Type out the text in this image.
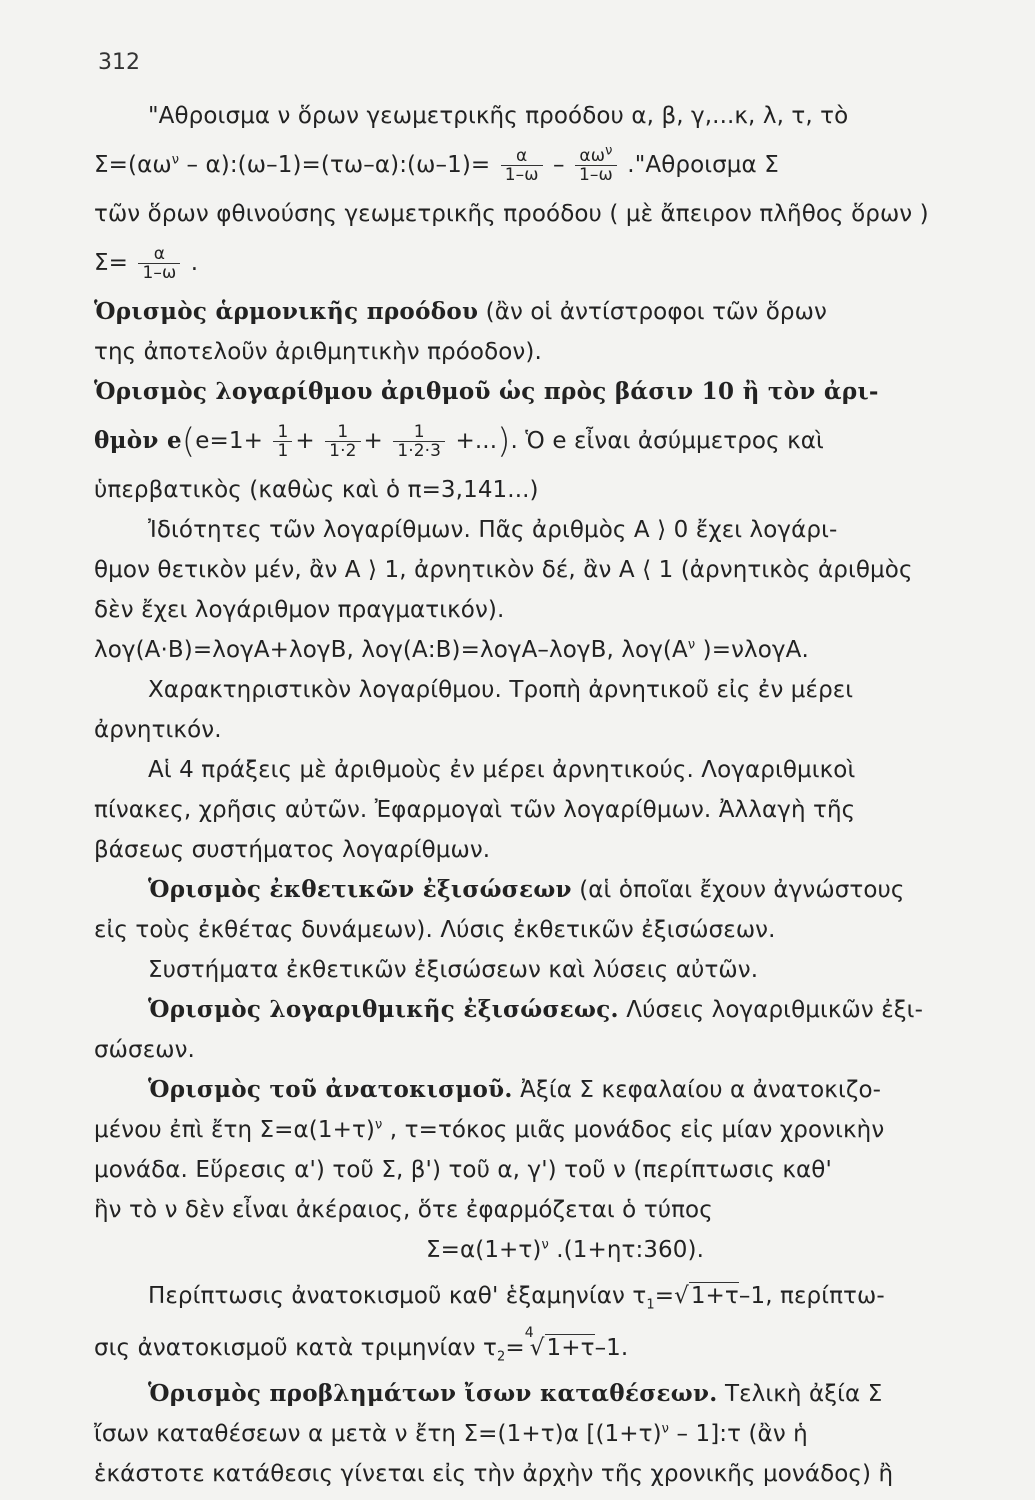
312
"Αθροισμα ν ὅρων γεωμετρικῆς προόδου α, β, γ,...κ, λ, τ, τὸ
$\Sigma=(\alpha\omega^\nu$ – α):(ω–1)=(τω–α):(ω–1)= $\frac{\alpha}{1-\omega} - \frac{\alpha\omega^\nu}{1-\omega}$ ."Αθροισμα Σ
τῶν ὅρων φθινούσης γεωμετρικῆς προόδου ( μὲ ἄπειρον πλῆθος ὅρων )
$\Sigma= \frac{\alpha}{1-\omega}$ .
Ὁρισμὸς ἁρμονικῆς προόδου (ἂν οἱ ἀντίστροφοι τῶν ὅρων
της ἀποτελοῦν ἀριθμητικὴν πρόοδον).
Ὁρισμὸς λογαρίθμου ἀριθμοῦ ὡς πρὸς βάσιν 10 ἢ τὸν ἀρι-
θμὸν $e(e=1+ \frac{1}{1} + \frac{1}{1\cdot 2} + \frac{1}{1\cdot 2\cdot 3}$ +...). Ὁ e εἶναι ἀσύμμετρος καὶ
ὑπερβατικὸς (καθὼς καὶ ὁ π=3,141...)
Ἰδιότητες τῶν λογαρίθμων. Πᾶς ἀριθμὸς Α ⟩ 0 ἔχει λογάρι-
θμον θετικὸν μέν, ἂν Α ⟩ 1, ἀρνητικὸν δέ, ἂν Α ⟨ 1 (ἀρνητικὸς ἀριθμὸς
δὲν ἔχει λογάριθμον πραγματικόν).
λογ(Α·Β)=λογΑ+λογΒ, λογ(Α:Β)=λογΑ–λογΒ, $\lambda o\gamma(A^\nu$ )=νλογΑ.
Χαρακτηριστικὸν λογαρίθμου. Τροπὴ ἀρνητικοῦ εἰς ἐν μέρει
ἀρνητικόν.
Αἱ 4 πράξεις μὲ ἀριθμοὺς ἐν μέρει ἀρνητικούς. Λογαριθμικοὶ
πίνακες, χρῆσις αὐτῶν. Ἐφαρμογαὶ τῶν λογαρίθμων. Ἀλλαγὴ τῆς
βάσεως συστήματος λογαρίθμων.
Ὁρισμὸς ἐκθετικῶν ἐξισώσεων (αἱ ὁποῖαι ἔχουν ἀγνώστους
εἰς τοὺς ἐκθέτας δυνάμεων). Λύσις ἐκθετικῶν ἐξισώσεων.
Συστήματα ἐκθετικῶν ἐξισώσεων καὶ λύσεις αὐτῶν.
Ὁρισμὸς λογαριθμικῆς ἐξισώσεως. Λύσεις λογαριθμικῶν ἐξι-
σώσεων.
Ὁρισμὸς τοῦ ἀνατοκισμοῦ. Ἀξία Σ κεφαλαίου α ἀνατοκιζο-
μένου ἐπὶ ἔτη $\Sigma=\alpha(1+\tau)^\nu$ , τ=τόκος μιᾶς μονάδος εἰς μίαν χρονικὴν
μονάδα. Εὕρεσις α') τοῦ Σ, β') τοῦ α, γ') τοῦ ν (περίπτωσις καθ'
ἣν τὸ ν δὲν εἶναι ἀκέραιος, ὅτε ἐφαρμόζεται ὁ τύπος
$\Sigma=\alpha(1+\tau)^\nu$ .(1+ητ:360).
Περίπτωσις ἀνατοκισμοῦ καθ' ἑξαμηνίαν $\tau_1=√1+\tau-1$, περίπτω-
σις ἀνατοκισμοῦ κατὰ τριμηνίαν $\tau_2=^4√1+\tau-1$.
Ὁρισμὸς προβλημάτων ἴσων καταθέσεων. Τελικὴ ἀξία Σ
ἴσων καταθέσεων α μετὰ ν ἔτη Σ=(1+τ)α [$(1+\tau)^\nu$ – 1]:τ (ἂν ἡ
ἑκάστοτε κατάθεσις γίνεται εἰς τὴν ἀρχὴν τῆς χρονικῆς μονάδος) ἢ
